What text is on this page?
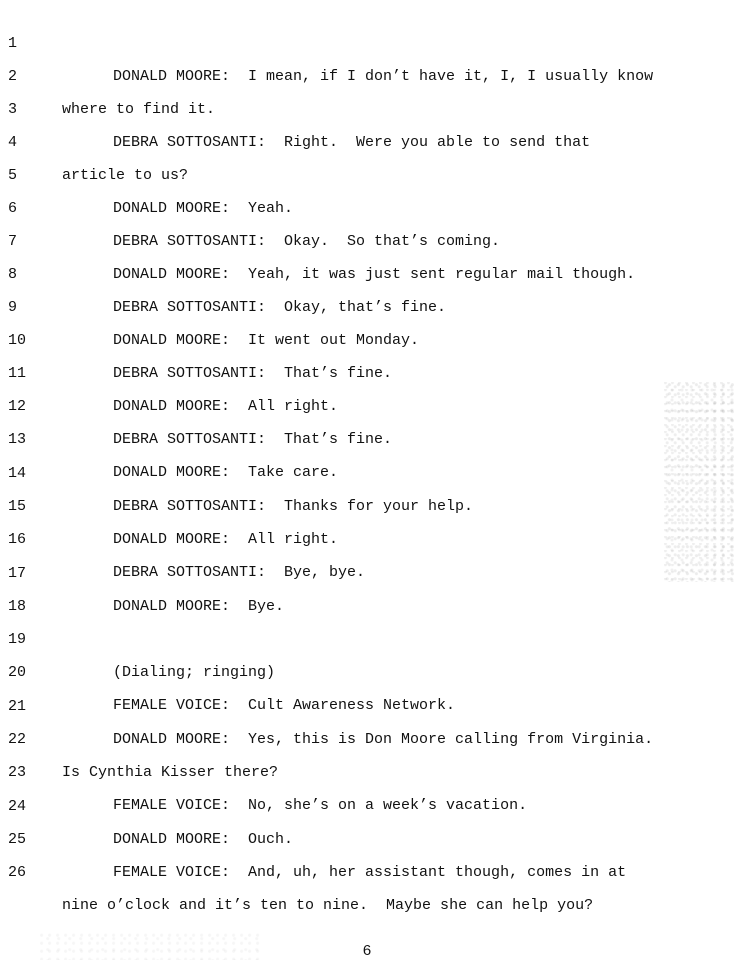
1

DONALD MOORE:  I mean, if I don’t have it, I, I usually know

2

where to find it.

3

DEBRA SOTTOSANTI:  Right.  Were you able to send that

4

article to us?

5

DONALD MOORE:  Yeah.

6

DEBRA SOTTOSANTI:  Okay.  So that’s coming.

7

DONALD MOORE:  Yeah, it was just sent regular mail though.

8

DEBRA SOTTOSANTI:  Okay, that’s fine.

9

DONALD MOORE:  It went out Monday.

10

DEBRA SOTTOSANTI:  That’s fine.

11

DONALD MOORE:  All right.

12

DEBRA SOTTOSANTI:  That’s fine.

13

DONALD MOORE:  Take care.

14

DEBRA SOTTOSANTI:  Thanks for your help.

15

DONALD MOORE:  All right.

16

DEBRA SOTTOSANTI:  Bye, bye.

17

DONALD MOORE:  Bye.

18

19

(Dialing; ringing)

20

FEMALE VOICE:  Cult Awareness Network.

21

DONALD MOORE:  Yes, this is Don Moore calling from Virginia.

22

Is Cynthia Kisser there?

23

FEMALE VOICE:  No, she’s on a week’s vacation.

24

DONALD MOORE:  Ouch.

25

FEMALE VOICE:  And, uh, her assistant though, comes in at

26

nine o’clock and it’s ten to nine.  Maybe she can help you?

6
